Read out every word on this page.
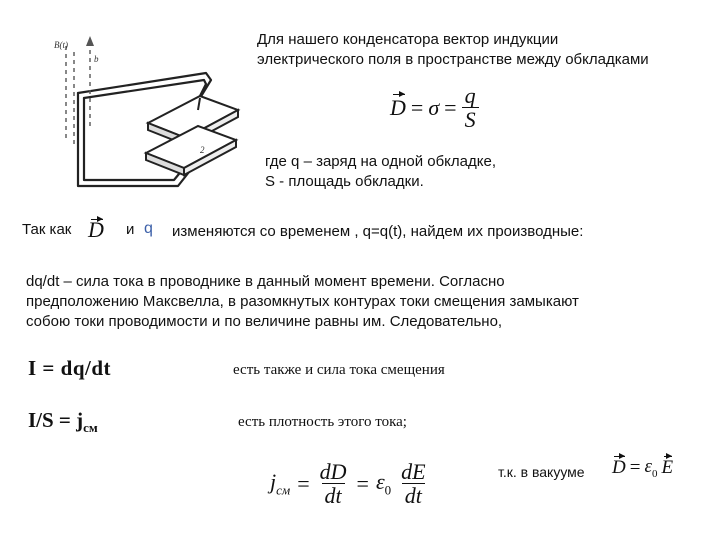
B(t)
b
2
Для нашего конденсатора вектор индукции
электрического поля в пространстве между обкладками
$D = \sigma = \frac{q}{S}$
где q – заряд на одной обкладке,
S - площадь обкладки.
Так как D и q изменяются со временем , q=q(t), найдем их производные:
dq/dt – сила тока в проводнике в данный момент времени. Согласно
предположению Максвелла, в разомкнутых контурах токи смещения замыкают
собою токи проводимости и по величине равны им. Следовательно,
I = dq/dt	есть также и сила тока смещения
$I/S = j_{см}$	есть плотность этого тока;
$j_{см} = \frac{dD}{dt} = \varepsilon_0 \frac{dE}{dt}$	т.к. в вакууме $D = \varepsilon_0$ E
